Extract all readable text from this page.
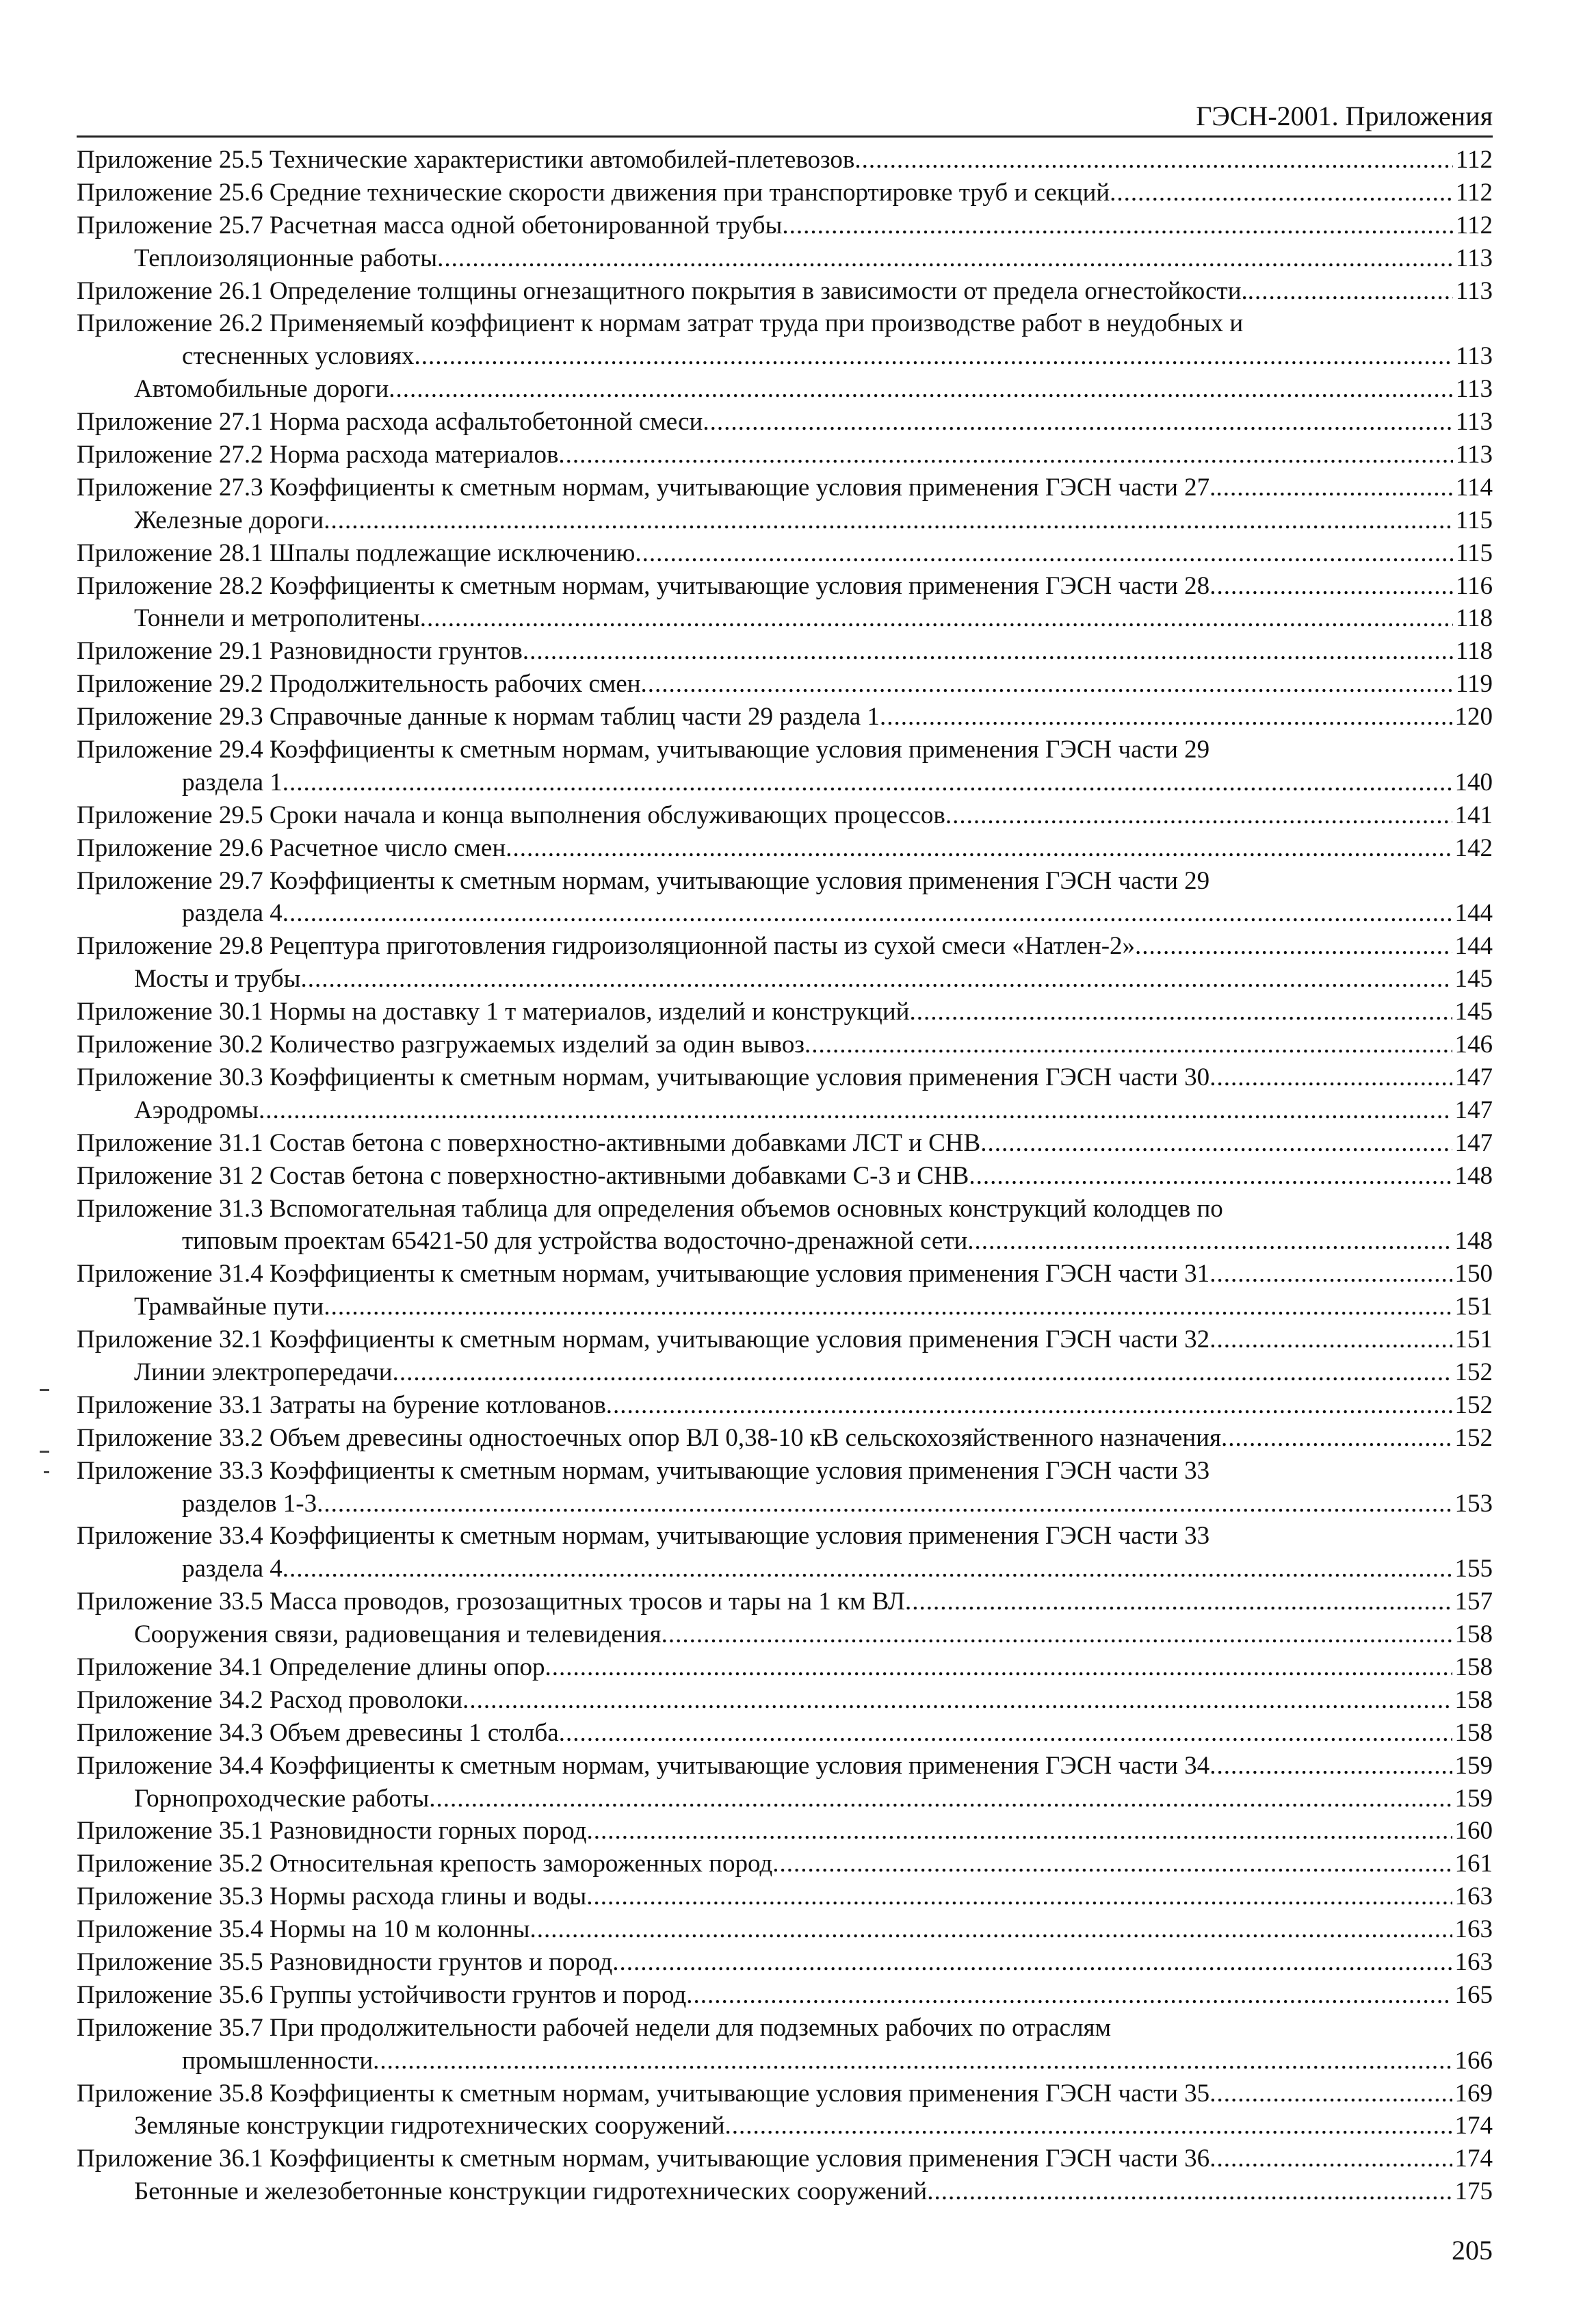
ГЭСН-2001. Приложения
Приложение 25.5 Технические характеристики автомобилей-плетевозов .....	112
Приложение 25.6 Средние технические скорости движения при транспортировке труб и секций .....	112
Приложение 25.7 Расчетная масса одной обетонированной трубы .....	112
Теплоизоляционные работы .....	113
Приложение 26.1 Определение толщины огнезащитного покрытия в зависимости от предела огнестойкости. .....	113
Приложение 26.2 Применяемый коэффициент к нормам затрат труда при производстве работ в неудобных и
стесненных условиях .....	113
Автомобильные дороги .....	113
Приложение 27.1 Норма расхода асфальтобетонной смеси .....	113
Приложение 27.2 Норма расхода материалов .....	113
Приложение 27.3 Коэффициенты к сметным нормам, учитывающие условия применения ГЭСН части 27. .....	114
Железные дороги .....	115
Приложение 28.1 Шпалы подлежащие исключению .....	115
Приложение 28.2 Коэффициенты к сметным нормам, учитывающие условия применения ГЭСН части 28 .....	116
Тоннели и метрополитены .....	118
Приложение 29.1 Разновидности грунтов .....	118
Приложение 29.2 Продолжительность рабочих смен .....	119
Приложение 29.3 Справочные данные к нормам таблиц части 29 раздела 1 .....	120
Приложение 29.4 Коэффициенты к сметным нормам, учитывающие условия применения ГЭСН части 29
раздела 1 .....	140
Приложение 29.5 Сроки начала и конца выполнения обслуживающих процессов .....	141
Приложение 29.6 Расчетное число смен .....	142
Приложение 29.7 Коэффициенты к сметным нормам, учитывающие условия применения ГЭСН части 29
раздела 4 .....	144
Приложение 29.8 Рецептура приготовления гидроизоляционной пасты из сухой смеси «Натлен-2» .....	144
Мосты и трубы .....	145
Приложение 30.1 Нормы на доставку 1 т материалов, изделий и конструкций .....	145
Приложение 30.2 Количество разгружаемых изделий за один вывоз .....	146
Приложение 30.3 Коэффициенты к сметным нормам, учитывающие условия применения ГЭСН части 30 .....	147
Аэродромы .....	147
Приложение 31.1 Состав бетона с поверхностно-активными добавками ЛСТ и СНВ .....	147
Приложение 31 2 Состав бетона с поверхностно-активными добавками С-3 и СНВ .....	148
Приложение 31.3 Вспомогательная таблица для определения объемов основных конструкций колодцев по
типовым проектам 65421-50 для устройства водосточно-дренажной сети .....	148
Приложение 31.4 Коэффициенты к сметным нормам, учитывающие условия применения ГЭСН части 31 .....	150
Трамвайные пути .....	151
Приложение 32.1 Коэффициенты к сметным нормам, учитывающие условия применения ГЭСН части 32 .....	151
Линии электропередачи .....	152
Приложение 33.1 Затраты на бурение котлованов .....	152
Приложение 33.2 Объем древесины одностоечных опор ВЛ 0,38-10 кВ сельскохозяйственного назначения .....	152
Приложение 33.3 Коэффициенты к сметным нормам, учитывающие условия применения ГЭСН части 33
разделов 1-3 .....	153
Приложение 33.4 Коэффициенты к сметным нормам, учитывающие условия применения ГЭСН части 33
раздела 4 .....	155
Приложение 33.5 Масса проводов, грозозащитных тросов и тары на 1 км ВЛ .....	157
Сооружения связи, радиовещания и телевидения .....	158
Приложение 34.1 Определение длины опор .....	158
Приложение 34.2 Расход проволоки .....	158
Приложение 34.3 Объем древесины 1 столба .....	158
Приложение 34.4 Коэффициенты к сметным нормам, учитывающие условия применения ГЭСН части 34 .....	159
Горнопроходческие работы .....	159
Приложение 35.1 Разновидности горных пород .....	160
Приложение 35.2 Относительная крепость замороженных пород .....	161
Приложение 35.3 Нормы расхода глины и воды .....	163
Приложение 35.4 Нормы на 10 м колонны .....	163
Приложение 35.5 Разновидности грунтов и пород .....	163
Приложение 35.6 Группы устойчивости грунтов и пород .....	165
Приложение 35.7 При продолжительности рабочей недели для подземных рабочих по отраслям
промышленности .....	166
Приложение 35.8 Коэффициенты к сметным нормам, учитывающие условия применения ГЭСН части 35 .....	169
Земляные конструкции гидротехнических сооружений .....	174
Приложение 36.1 Коэффициенты к сметным нормам, учитывающие условия применения ГЭСН части 36 .....	174
Бетонные и железобетонные конструкции гидротехнических сооружений .....	175
205
